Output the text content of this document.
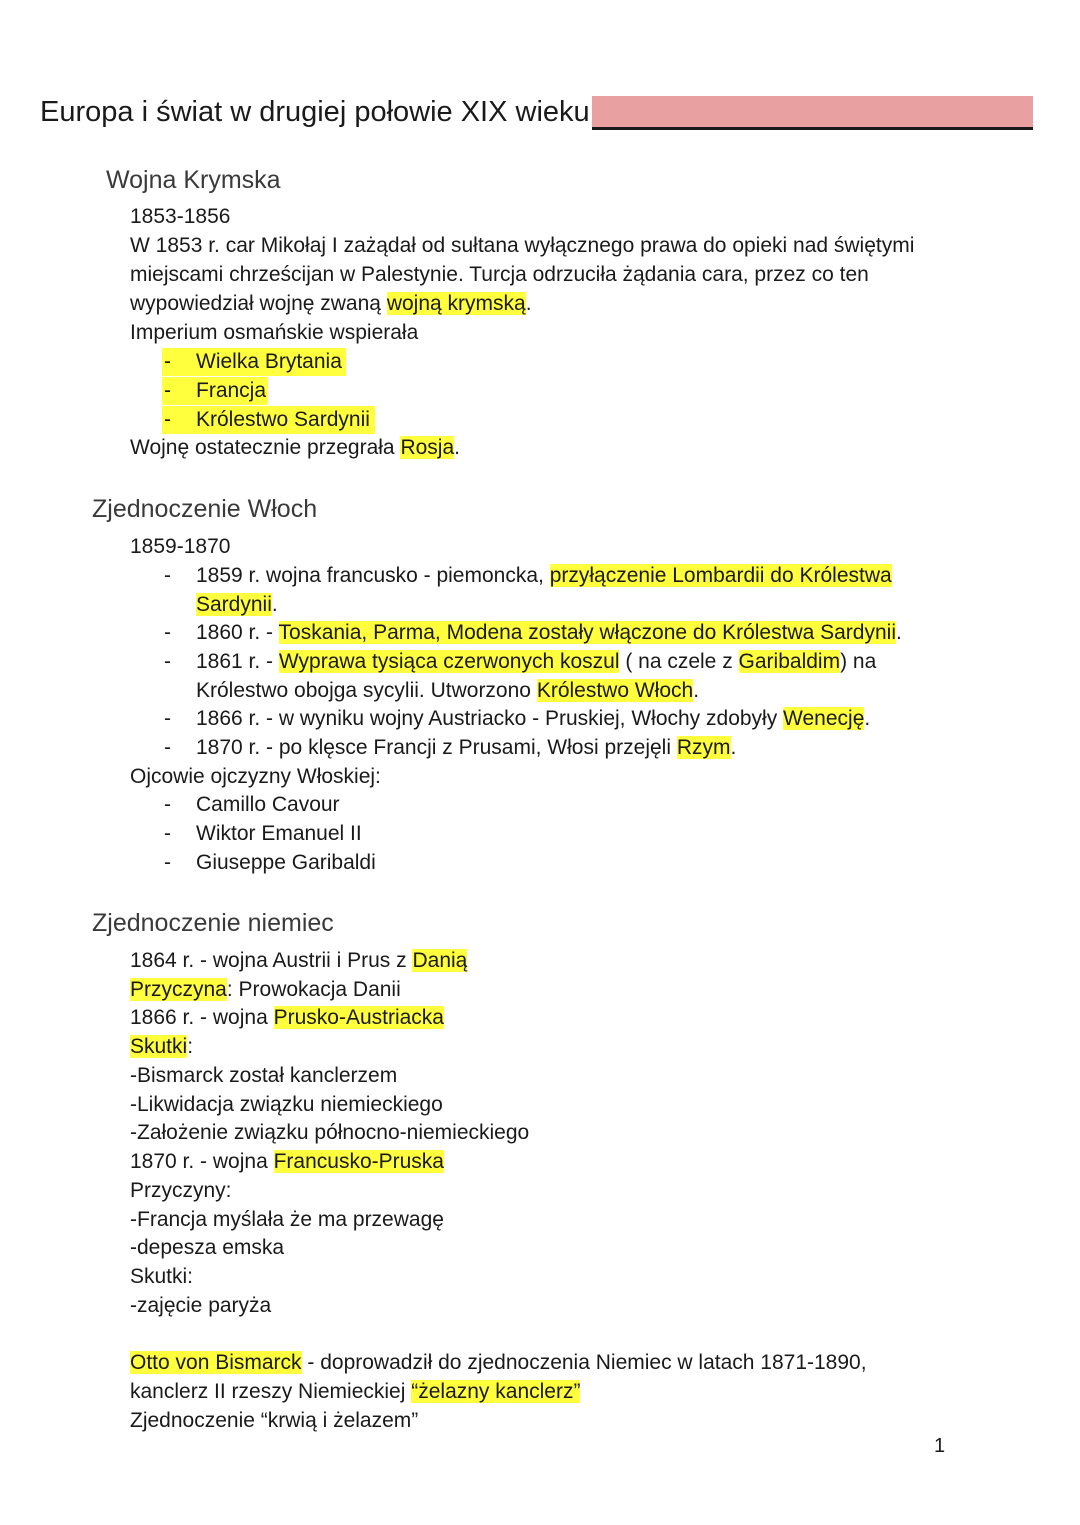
Europa i świat w drugiej połowie XIX wieku
Wojna Krymska
1853-1856
W 1853 r. car Mikołaj I zażądał od sułtana wyłącznego prawa do opieki nad świętymi
miejscami chrześcijan w Palestynie. Turcja odrzuciła żądania cara, przez co ten
wypowiedział wojnę zwaną wojną krymską.
Imperium osmańskie wspierała
- Wielka Brytania
- Francja
- Królestwo Sardynii
Wojnę ostatecznie przegrała Rosja.
Zjednoczenie Włoch
1859-1870
- 1859 r. wojna francusko - piemoncka, przyłączenie Lombardii do Królestwa
Sardynii.
- 1860 r. - Toskania, Parma, Modena zostały włączone do Królestwa Sardynii.
- 1861 r. - Wyprawa tysiąca czerwonych koszul ( na czele z Garibaldim) na
Królestwo obojga sycylii. Utworzono Królestwo Włoch.
- 1866 r. - w wyniku wojny Austriacko - Pruskiej, Włochy zdobyły Wenecję.
- 1870 r. - po klęsce Francji z Prusami, Włosi przejęli Rzym.
Ojcowie ojczyzny Włoskiej:
- Camillo Cavour
- Wiktor Emanuel II
- Giuseppe Garibaldi
Zjednoczenie niemiec
1864 r. - wojna Austrii i Prus z Danią
Przyczyna: Prowokacja Danii
1866 r. - wojna Prusko-Austriacka
Skutki:
-Bismarck został kanclerzem
-Likwidacja związku niemieckiego
-Założenie związku północno-niemieckiego
1870 r. - wojna Francusko-Pruska
Przyczyny:
-Francja myślała że ma przewagę
-depesza emska
Skutki:
-zajęcie paryża
Otto von Bismarck - doprowadził do zjednoczenia Niemiec w latach 1871-1890,
kanclerz II rzeszy Niemieckiej “żelazny kanclerz”
Zjednoczenie “krwią i żelazem”
1
